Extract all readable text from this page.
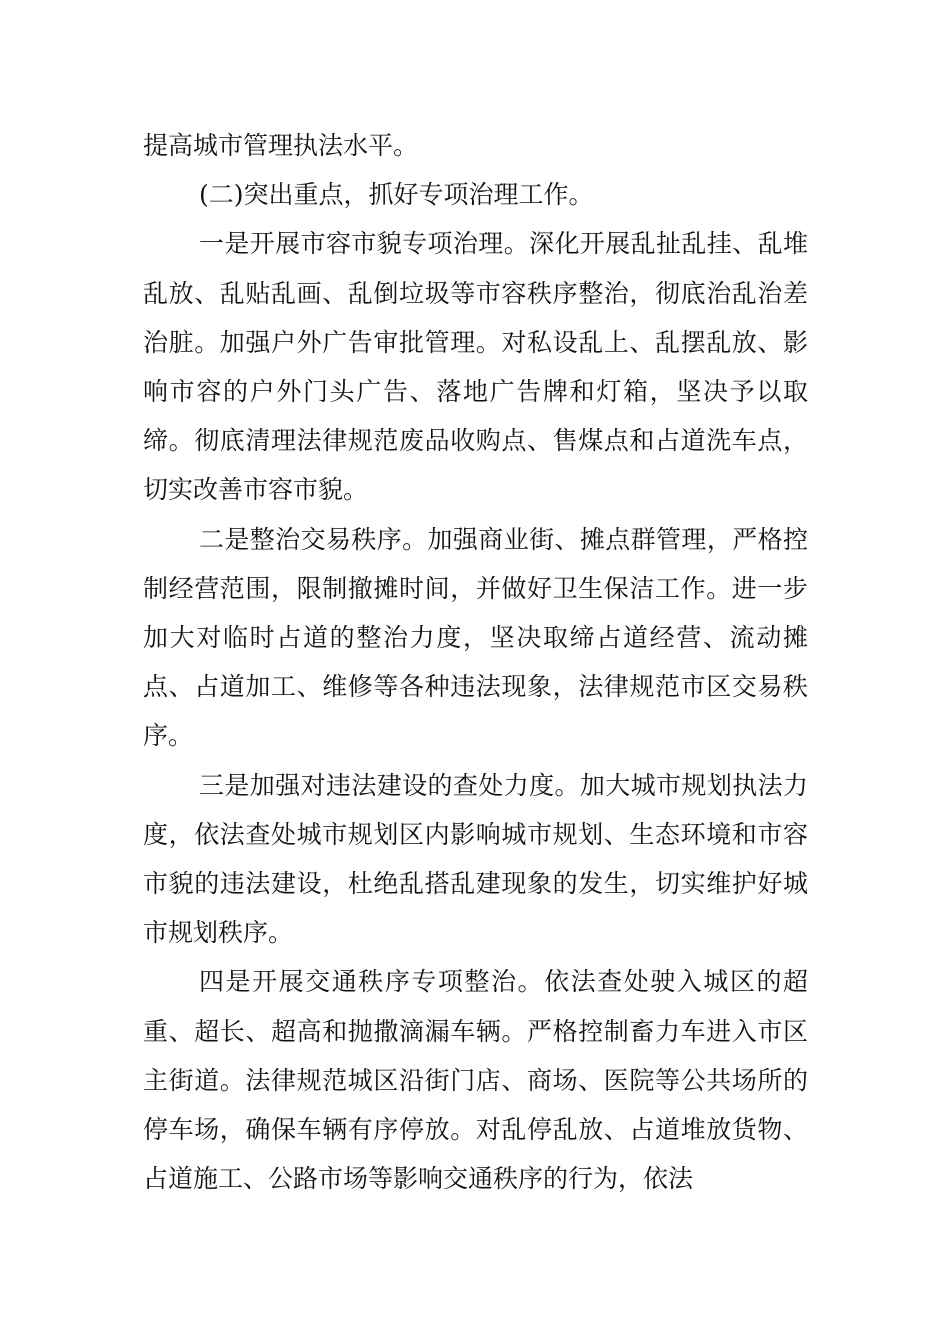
提高城市管理执法水平。

(二)突出重点，抓好专项治理工作。

一是开展市容市貌专项治理。深化开展乱扯乱挂、乱堆乱放、乱贴乱画、乱倒垃圾等市容秩序整治，彻底治乱治差治脏。加强户外广告审批管理。对私设乱上、乱摆乱放、影响市容的户外门头广告、落地广告牌和灯箱，坚决予以取缔。彻底清理法律规范废品收购点、售煤点和占道洗车点，切实改善市容市貌。

二是整治交易秩序。加强商业街、摊点群管理，严格控制经营范围，限制撤摊时间，并做好卫生保洁工作。进一步加大对临时占道的整治力度，坚决取缔占道经营、流动摊点、占道加工、维修等各种违法现象，法律规范市区交易秩序。

三是加强对违法建设的查处力度。加大城市规划执法力度，依法查处城市规划区内影响城市规划、生态环境和市容市貌的违法建设，杜绝乱搭乱建现象的发生，切实维护好城市规划秩序。

四是开展交通秩序专项整治。依法查处驶入城区的超重、超长、超高和抛撒滴漏车辆。严格控制畜力车进入市区主街道。法律规范城区沿街门店、商场、医院等公共场所的停车场，确保车辆有序停放。对乱停乱放、占道堆放货物、占道施工、公路市场等影响交通秩序的行为，依法
